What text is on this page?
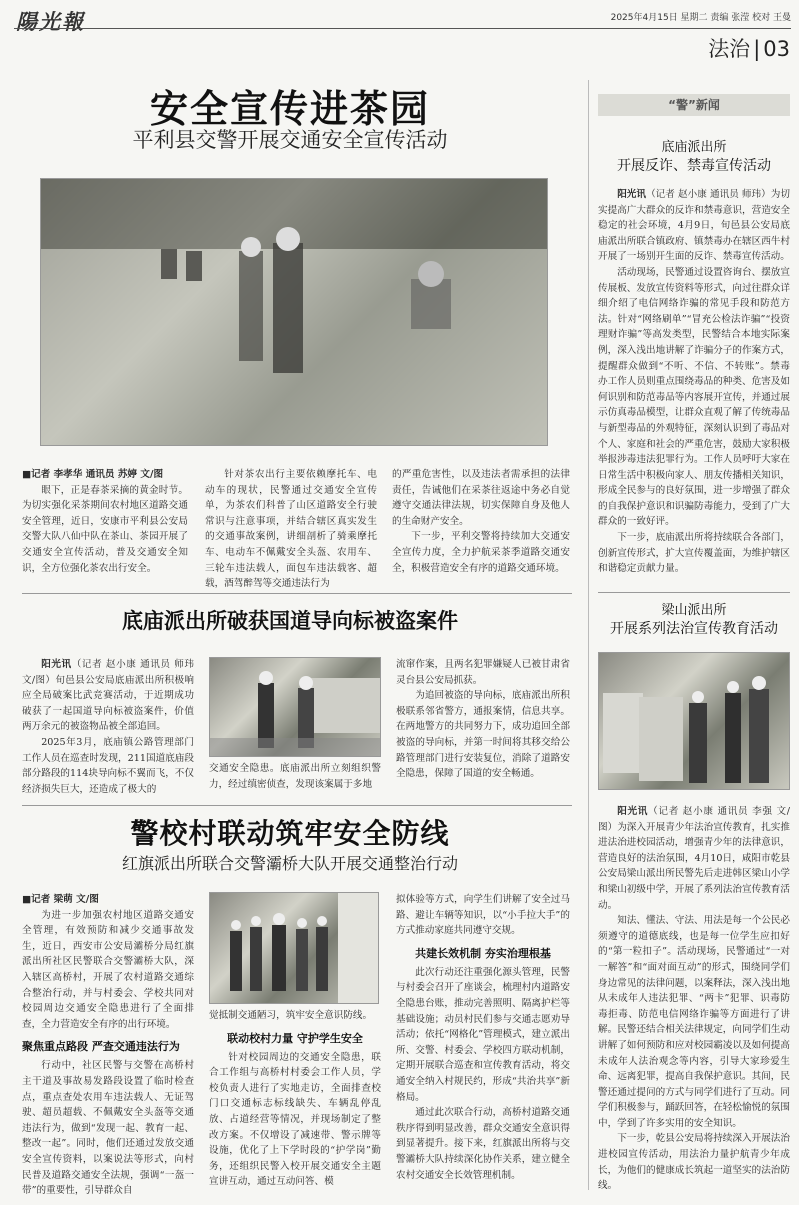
陽光報	2025年4月15日 星期二 责编 张滢 校对 王曼
法治 | 03
安全宣传进茶园
平利县交警开展交通安全宣传活动

■记者 李孝华 通讯员 苏婷 文/图

眼下，正是春茶采摘的黄金时节。为切实强化采茶期间农村地区道路交通安全管理，近日，安康市平利县公安局交警大队八仙中队在茶山、茶园开展了交通安全宣传活动，普及交通安全知识，全方位强化茶农出行安全。

针对茶农出行主要依赖摩托车、电动车的现状，民警通过交通安全宣传单，为茶农们科普了山区道路安全行驶常识与注意事项，并结合辖区真实发生的交通事故案例，讲细剖析了骑乘摩托车、电动车不佩戴安全头盔、农用车、三轮车违法载人，面包车违法载客、超载，酒驾醉驾等交通违法行为

的严重危害性，以及违法者需承担的法律责任，告诫他们在采茶往返途中务必自觉遵守交通法律法规，切实保障自身及他人的生命财产安全。

下一步，平利交警将持续加大交通安全宣传力度，全力护航采茶季道路交通安全，积极营造安全有序的道路交通环境。

底庙派出所破获国道导向标被盗案件

阳光讯（记者 赵小康 通讯员 师玮 文/图）旬邑县公安局底庙派出所积极响应全局破案比武竞赛活动，于近期成功破获了一起国道导向标被盗案件，价值两万余元的被盗物品被全部追回。

2025年3月，底庙镇公路管理部门工作人员在巡查时发现，211国道底庙段部分路段的114块导向标不翼而飞，不仅经济损失巨大，还造成了极大的

交通安全隐患。底庙派出所立刻组织警力，经过缜密侦查，发现该案属于多地

流窜作案，且两名犯罪嫌疑人已被甘肃省灵台县公安局抓获。

为追回被盗的导向标，底庙派出所积极联系邻省警方，通报案情，信息共享。在两地警方的共同努力下，成功追回全部被盗的导向标，并第一时间将其移交给公路管理部门进行安装复位，消除了道路安全隐患，保障了国道的安全畅通。

警校村联动筑牢安全防线
红旗派出所联合交警灞桥大队开展交通整治行动

■记者 梁萌 文/图

为进一步加强农村地区道路交通安全管理，有效预防和减少交通事故发生，近日，西安市公安局灞桥分局红旗派出所社区民警联合交警灞桥大队，深入辖区高桥村，开展了农村道路交通综合整治行动，并与村委会、学校共同对校园周边交通安全隐患进行了全面排查，全力营造安全有序的出行环境。

聚焦重点路段 严查交通违法行为

行动中，社区民警与交警在高桥村主干道及事故易发路段设置了临时检查点，重点查处农用车违法载人、无证驾驶、超员超载、不佩戴安全头盔等交通违法行为，做到“发现一起、教育一起、整改一起”。同时，他们还通过发放交通安全宣传资料，以案说法等形式，向村民普及道路交通安全法规，强调“一盔一带”的重要性，引导群众自

觉抵制交通陋习，筑牢安全意识防线。

联动校村力量 守护学生安全

针对校园周边的交通安全隐患，联合工作组与高桥村村委会工作人员，学校负责人进行了实地走访，全面排查校门口交通标志标线缺失、车辆乱停乱放、占道经营等情况，并现场制定了整改方案。不仅增设了减速带、警示牌等设施，优化了上下学时段的“护学岗”勤务，还组织民警入校开展交通安全主题宣讲互动，通过互动问答、模

拟体验等方式，向学生们讲解了安全过马路、避让车辆等知识，以“小手拉大手”的方式推动家庭共同遵守交规。

共建长效机制 夯实治理根基

此次行动还注重强化源头管理，民警与村委会召开了座谈会，梳理村内道路安全隐患台账，推动完善照明、隔离护栏等基础设施；动员村民们参与交通志愿劝导活动；依托“网格化”管理模式，建立派出所、交警、村委会、学校四方联动机制，定期开展联合巡查和宣传教育活动，将交通安全纳入村规民约，形成“共治共享”新格局。

通过此次联合行动，高桥村道路交通秩序得到明显改善，群众交通安全意识得到显著提升。接下来，红旗派出所将与交警灞桥大队持续深化协作关系，建立健全农村交通安全长效管理机制。

“警”新闻
底庙派出所
开展反诈、禁毒宣传活动

阳光讯（记者 赵小康 通讯员 师玮）为切实提高广大群众的反诈和禁毒意识，营造安全稳定的社会环境，4月9日，旬邑县公安局底庙派出所联合镇政府、镇禁毒办在辖区西牛村开展了一场别开生面的反诈、禁毒宣传活动。

活动现场，民警通过设置咨询台、摆放宣传展板、发放宣传资料等形式，向过往群众详细介绍了电信网络诈骗的常见手段和防范方法。针对“网络刷单”“冒充公检法诈骗”“投资理财诈骗”等高发类型，民警结合本地实际案例，深入浅出地讲解了诈骗分子的作案方式，提醒群众做到“不听、不信、不转账”。禁毒办工作人员则重点围绕毒品的种类、危害及如何识别和防范毒品等内容展开宣传，并通过展示仿真毒品模型，让群众直观了解了传统毒品与新型毒品的外观特征，深刻认识到了毒品对个人、家庭和社会的严重危害，鼓励大家积极举报涉毒违法犯罪行为。工作人员呼吁大家在日常生活中积极向家人、朋友传播相关知识，形成全民参与的良好氛围，进一步增强了群众的自我保护意识和识骗防毒能力，受到了广大群众的一致好评。

下一步，底庙派出所将持续联合各部门，创新宣传形式，扩大宣传覆盖面，为维护辖区和谐稳定贡献力量。

梁山派出所
开展系列法治宣传教育活动

阳光讯（记者 赵小康 通讯员 李强 文/图）为深入开展青少年法治宣传教育，扎实推进法治进校园活动，增强青少年的法律意识，营造良好的法治氛围，4月10日，咸阳市乾县公安局梁山派出所民警先后走进韩区梁山小学和梁山初级中学，开展了系列法治宣传教育活动。

知法、懂法、守法、用法是每一个公民必须遵守的道德底线，也是每一位学生应扣好的“第一粒扣子”。活动现场，民警通过“一对一解答”和“面对面互动”的形式，围绕同学们身边常见的法律问题，以案释法，深入浅出地从未成年人违法犯罪、“两卡”犯罪、识毒防毒拒毒、防范电信网络诈骗等方面进行了讲解。民警还结合相关法律规定，向同学们生动讲解了如何预防和应对校园霸凌以及如何提高未成年人法治观念等内容，引导大家珍爱生命、远离犯罪，提高自我保护意识。其间，民警还通过提问的方式与同学们进行了互动。同学们积极参与，踊跃回答，在轻松愉悦的氛围中，学到了许多实用的安全知识。

下一步，乾县公安局将持续深入开展法治进校园宣传活动，用法治力量护航青少年成长，为他们的健康成长筑起一道坚实的法治防线。
